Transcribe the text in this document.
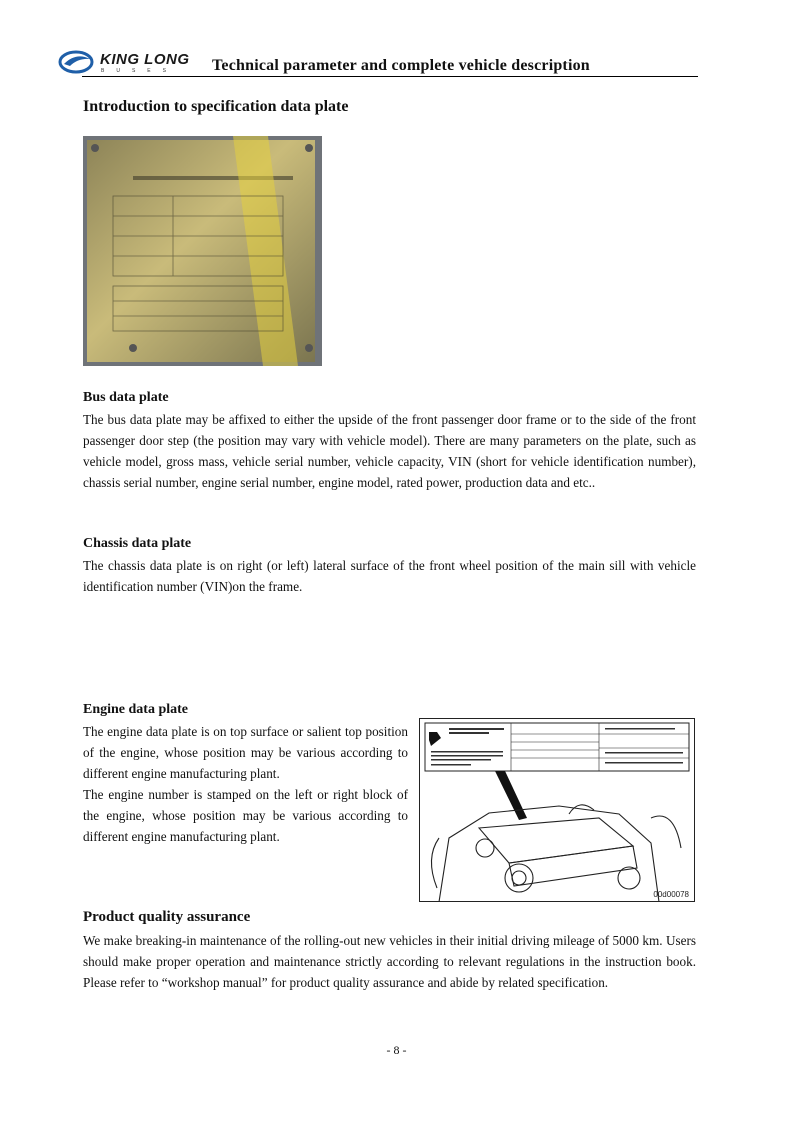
KING LONG
BUSES Technical parameter and complete vehicle description
Introduction to specification data plate
Bus data plate

The bus data plate may be affixed to either the upside of the front passenger door frame or to the side of the front passenger door step (the position may vary with vehicle model). There are many parameters on the plate, such as vehicle model, gross mass, vehicle serial number, vehicle capacity, VIN (short for vehicle identification number), chassis serial number, engine serial number, engine model, rated power, production data and etc..

Chassis data plate

The chassis data plate is on right (or left) lateral surface of the front wheel position of the main sill with vehicle identification number (VIN)on the frame.

Engine data plate

The engine data plate is on top surface or salient top position of the engine, whose position may be various according to different engine manufacturing plant.

The engine number is stamped on the left or right block of the engine, whose position may be various according to different engine manufacturing plant.

00d00078
Product quality assurance

We make breaking-in maintenance of the rolling-out new vehicles in their initial driving mileage of 5000 km. Users should make proper operation and maintenance strictly according to relevant regulations in the instruction book. Please refer to “workshop manual” for product quality assurance and abide by related specification.

- 8 -
